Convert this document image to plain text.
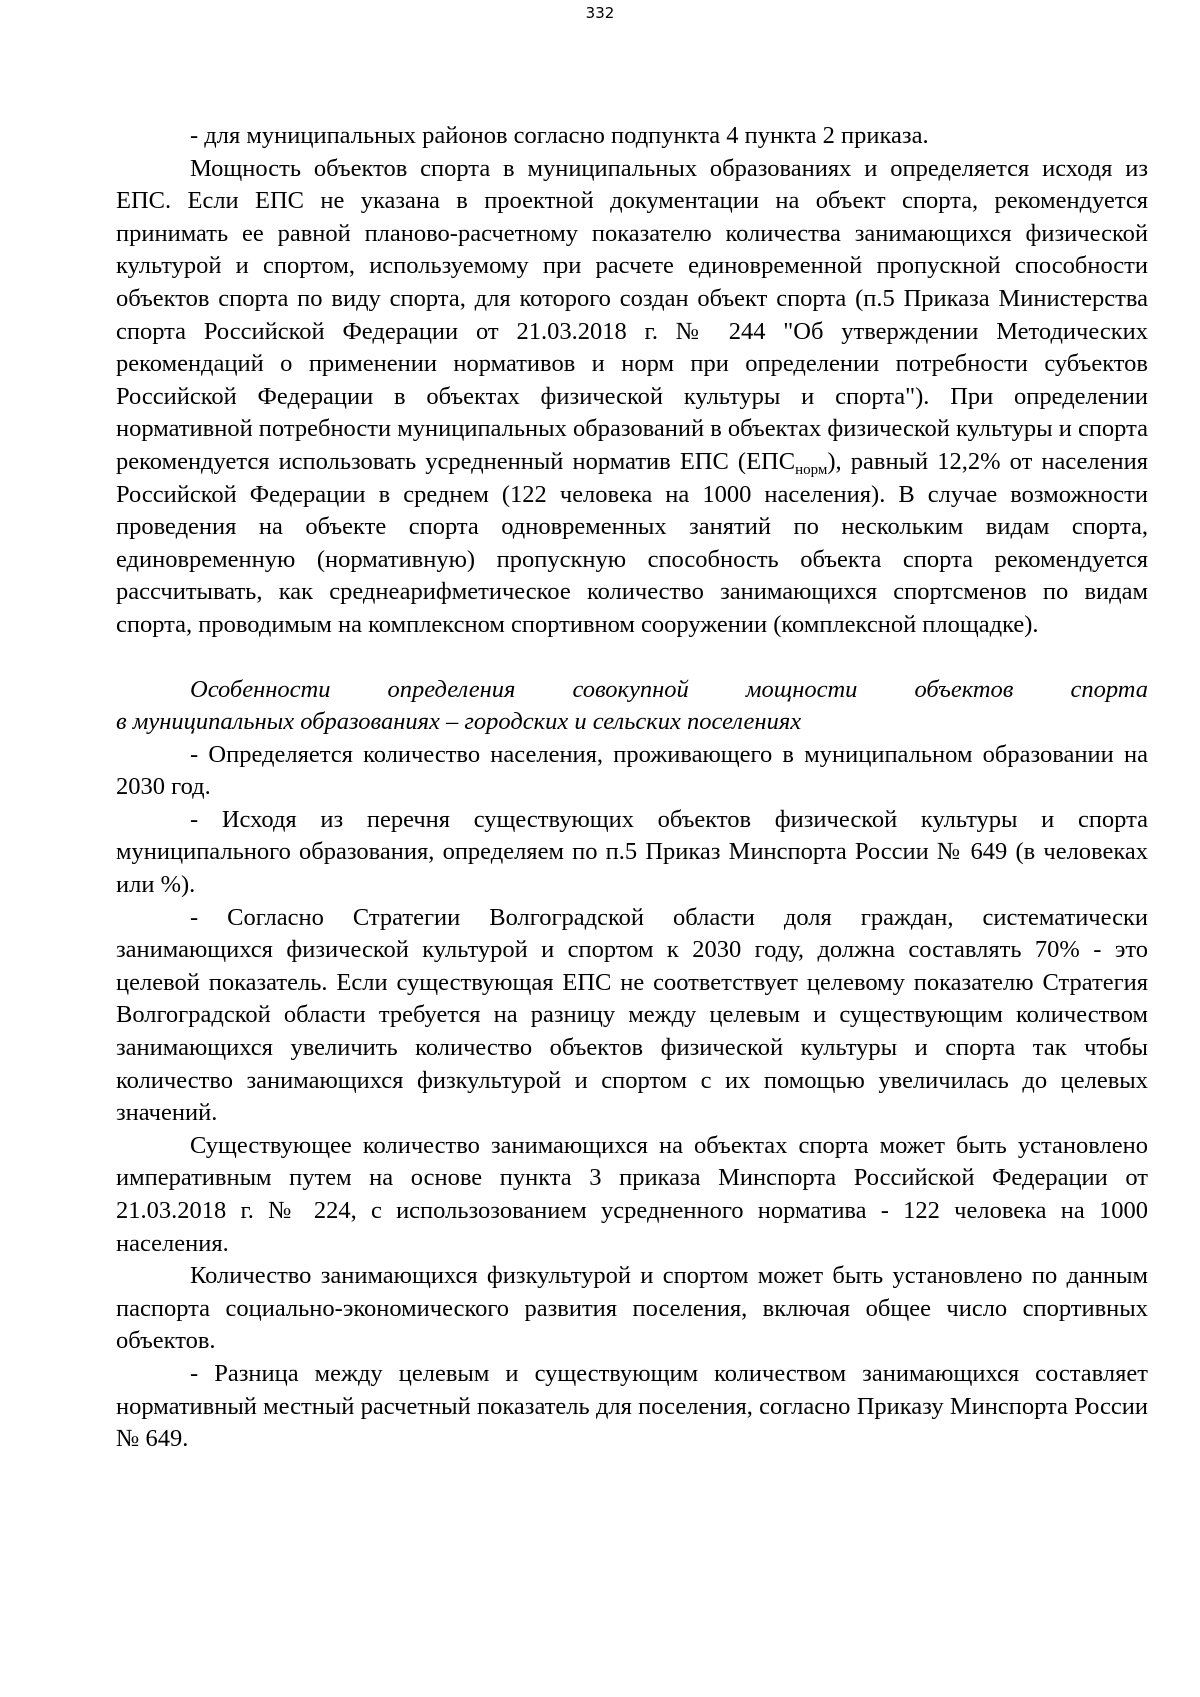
332

- для муниципальных районов согласно подпункта 4 пункта 2 приказа.

Мощность объектов спорта в муниципальных образованиях и определяется исходя из ЕПС. Если ЕПС не указана в проектной документации на объект спорта, рекомендуется принимать ее равной планово-расчетному показателю количества занимающихся физической культурой и спортом, используемому при расчете единовременной пропускной способности объектов спорта по виду спорта, для которого создан объект спорта (п.5 Приказа Министерства спорта Российской Федерации от 21.03.2018 г. № 244 "Об утверждении Методических рекомендаций о применении нормативов и норм при определении потребности субъектов Российской Федерации в объектах физической культуры и спорта"). При определении нормативной потребности муниципальных образований в объектах физической культуры и спорта рекомендуется использовать усредненный норматив ЕПС $(ЕПС_{норм})$, равный 12,2% от населения Российской Федерации в среднем (122 человека на 1000 населения). В случае возможности проведения на объекте спорта одновременных занятий по нескольким видам спорта, единовременную (нормативную) пропускную способность объекта спорта рекомендуется рассчитывать, как среднеарифметическое количество занимающихся спортсменов по видам спорта, проводимым на комплексном спортивном сооружении (комплексной площадке).

Особенности определения совокупной мощности объектов спорта

в муниципальных образованиях – городских и сельских поселениях

- Определяется количество населения, проживающего в муниципальном образовании на 2030 год.

- Исходя из перечня существующих объектов физической культуры и спорта муниципального образования, определяем по п.5 Приказ Минспорта России № 649 (в человеках или %).

- Согласно Стратегии Волгоградской области доля граждан, систематически занимающихся физической культурой и спортом к 2030 году, должна составлять 70% - это целевой показатель. Если существующая ЕПС не соответствует целевому показателю Стратегия Волгоградской области требуется на разницу между целевым и существующим количеством занимающихся увеличить количество объектов физической культуры и спорта так чтобы количество занимающихся физкультурой и спортом с их помощью увеличилась до целевых значений.

Существующее количество занимающихся на объектах спорта может быть установлено императивным путем на основе пункта 3 приказа Минспорта Российской Федерации от 21.03.2018 г. № 224, с использозованием усредненного норматива - 122 человека на 1000 населения.

Количество занимающихся физкультурой и спортом может быть установлено по данным паспорта социально-экономического развития поселения, включая общее число спортивных объектов.

- Разница между целевым и существующим количеством занимающихся составляет нормативный местный расчетный показатель для поселения, согласно Приказу Минспорта России № 649.
